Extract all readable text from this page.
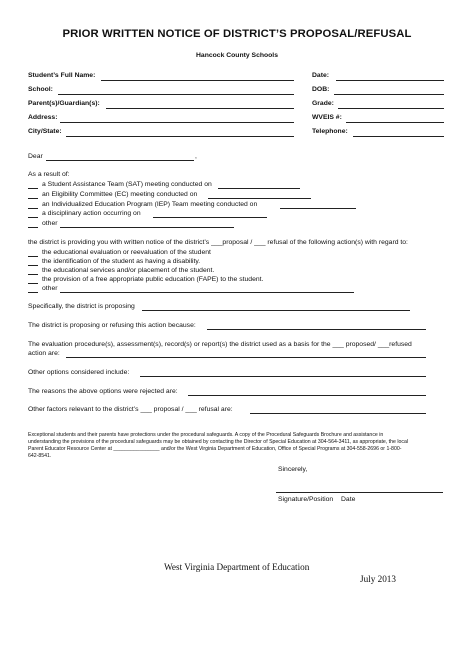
PRIOR WRITTEN NOTICE OF DISTRICT’S PROPOSAL/REFUSAL
Hancock County Schools
Student’s Full Name:
School:
Parent(s)/Guardian(s):
Address:
City/State:
Date:
DOB:
Grade:
WVEIS #:
Telephone:
Dear	,
As a result of:
a Student Assistance Team (SAT) meeting conducted on
an Eligibility Committee (EC) meeting conducted on
an Individualized Education Program (IEP) Team meeting conducted on
a disciplinary action occurring on
other
the district is providing you with written notice of the district’s ___proposal / ___ refusal of the following action(s) with regard to:
the educational evaluation or reevaluation of the student
the identification of the student as having a disability.
the educational services and/or placement of the student.
the provision of a free appropriate public education (FAPE) to the student.
other
Specifically, the district is proposing
The district is proposing or refusing this action because:
The evaluation procedure(s), assessment(s), record(s) or report(s) the district used as a basis for the ___ proposed/ ___refused
action are:
Other options considered include:
The reasons the above options were rejected are:
Other factors relevant to the district’s ___ proposal / ___ refusal are:
Exceptional students and their parents have protections under the procedural safeguards. A copy of the Procedural Safeguards Brochure and assistance in
understanding the provisions of the procedural safeguards may be obtained by contacting the Director of Special Education at 304-564-3411, as appropriate, the local
Parent Educator Resource Center at ________________ and/or the West Virginia Department of Education, Office of Special Programs at 304-558-2696 or 1-800-
642-8541.
Sincerely,
Signature/Position Date
West Virginia Department of Education
July 2013
